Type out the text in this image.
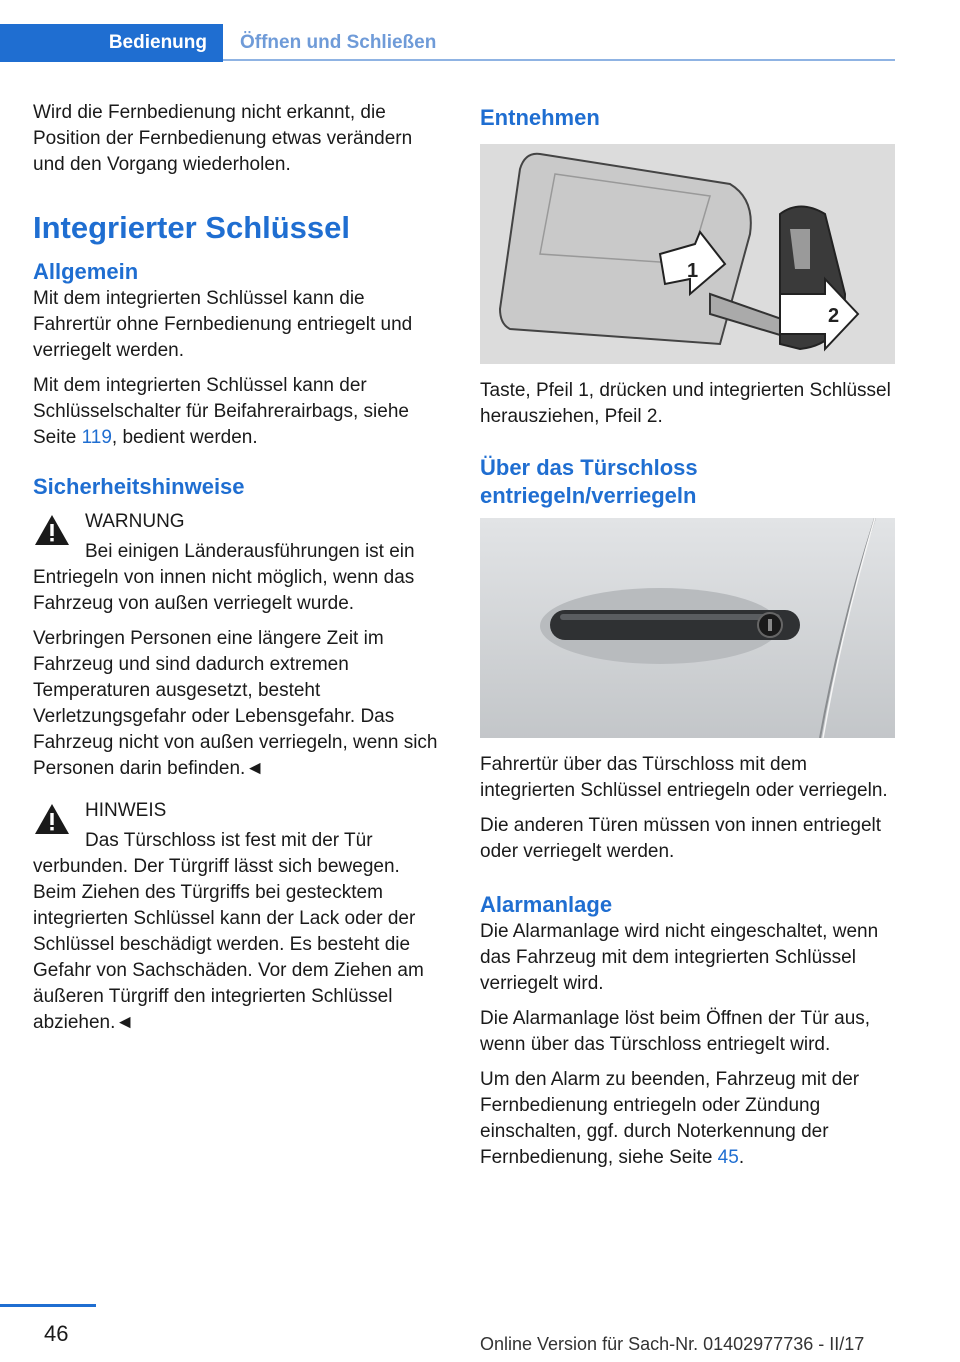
Bedienung	Öffnen und Schließen

Wird die Fernbedienung nicht erkannt, die Position der Fernbedienung etwas verändern und den Vorgang wiederholen.

Integrierter Schlüssel
Allgemein

Mit dem integrierten Schlüssel kann die Fahrertür ohne Fernbedienung entriegelt und verriegelt werden.

Mit dem integrierten Schlüssel kann der Schlüsselschalter für Beifahrerairbags, siehe Seite 119, bedient werden.

Sicherheitshinweise

WARNUNG

Bei einigen Länderausführungen ist ein Entriegeln von innen nicht möglich, wenn das Fahrzeug von außen verriegelt wurde.

Verbringen Personen eine längere Zeit im Fahrzeug und sind dadurch extremen Temperaturen ausgesetzt, besteht Verletzungsgefahr oder Lebensgefahr. Das Fahrzeug nicht von außen verriegeln, wenn sich Personen darin befinden.◄

HINWEIS

Das Türschloss ist fest mit der Tür verbunden. Der Türgriff lässt sich bewegen. Beim Ziehen des Türgriffs bei gestecktem integrierten Schlüssel kann der Lack oder der Schlüssel beschädigt werden. Es besteht die Gefahr von Sachschäden. Vor dem Ziehen am äußeren Türgriff den integrierten Schlüssel abziehen.◄

Entnehmen
1
2

Taste, Pfeil 1, drücken und integrierten Schlüssel herausziehen, Pfeil 2.

Über das Türschloss entriegeln/verriegeln

Fahrertür über das Türschloss mit dem integrierten Schlüssel entriegeln oder verriegeln.

Die anderen Türen müssen von innen entriegelt oder verriegelt werden.

Alarmanlage

Die Alarmanlage wird nicht eingeschaltet, wenn das Fahrzeug mit dem integrierten Schlüssel verriegelt wird.

Die Alarmanlage löst beim Öffnen der Tür aus, wenn über das Türschloss entriegelt wird.

Um den Alarm zu beenden, Fahrzeug mit der Fernbedienung entriegeln oder Zündung einschalten, ggf. durch Noterkennung der Fernbedienung, siehe Seite 45.

46	Online Version für Sach-Nr. 01402977736 - II/17
